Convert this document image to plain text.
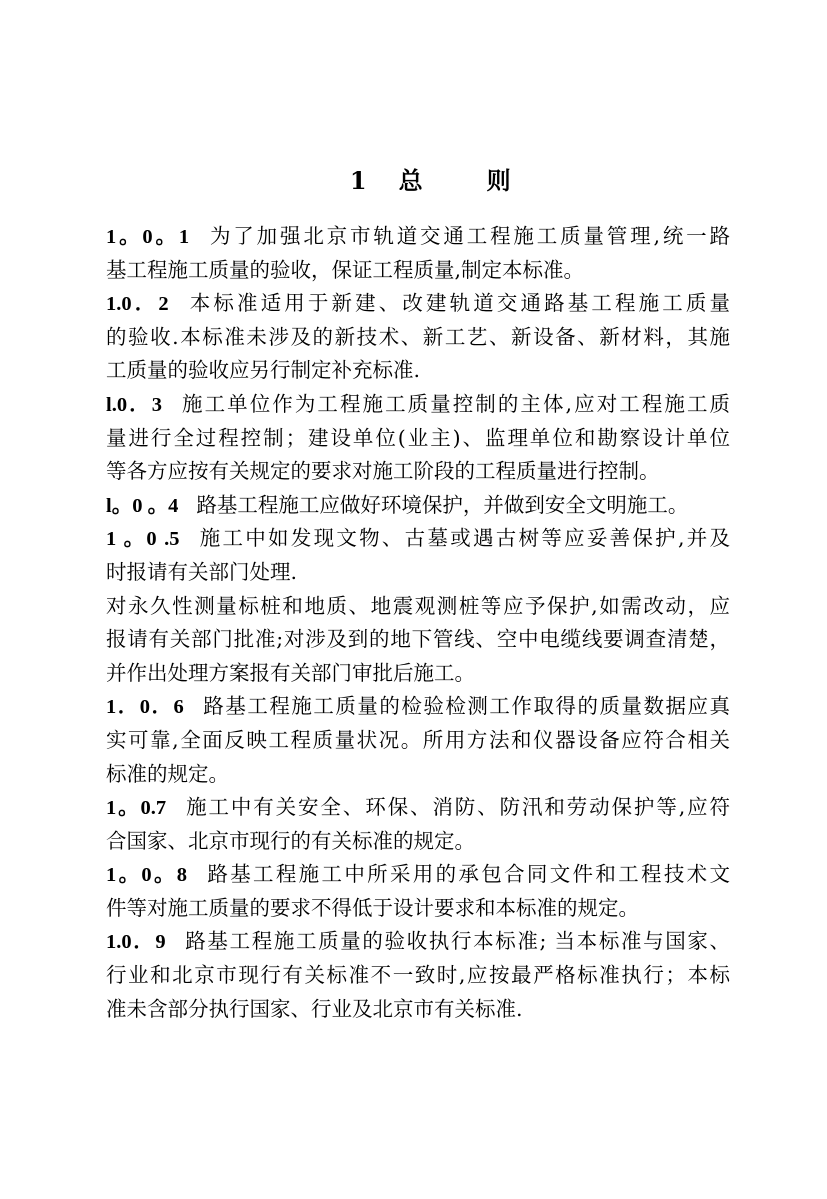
1 总	则

1。0。1 为了加强北京市轨道交通工程施工质量管理,统一路
基工程施工质量的验收，保证工程质量,制定本标准。
1.0．2 本标准适用于新建、改建轨道交通路基工程施工质量
的验收.本标准未涉及的新技术、新工艺、新设备、新材料，其施
工质量的验收应另行制定补充标准.
l.0．3 施工单位作为工程施工质量控制的主体,应对工程施工质
量进行全过程控制；建设单位(业主)、监理单位和勘察设计单位
等各方应按有关规定的要求对施工阶段的工程质量进行控制。
l。0 。4 路基工程施工应做好环境保护，并做到安全文明施工。
1 。0 .5 施工中如发现文物、古墓或遇古树等应妥善保护,并及
时报请有关部门处理.
对永久性测量标桩和地质、地震观测桩等应予保护,如需改动，应
报请有关部门批准;对涉及到的地下管线、空中电缆线要调查清楚，
并作出处理方案报有关部门审批后施工。
1．0．6 路基工程施工质量的检验检测工作取得的质量数据应真
实可靠,全面反映工程质量状况。所用方法和仪器设备应符合相关
标准的规定。
1。0.7 施工中有关安全、环保、消防、防汛和劳动保护等,应符
合国家、北京市现行的有关标准的规定。
1。0。8 路基工程施工中所采用的承包合同文件和工程技术文
件等对施工质量的要求不得低于设计要求和本标准的规定。
1.0．9 路基工程施工质量的验收执行本标准; 当本标准与国家、
行业和北京市现行有关标准不一致时,应按最严格标准执行；本标
准未含部分执行国家、行业及北京市有关标准.
